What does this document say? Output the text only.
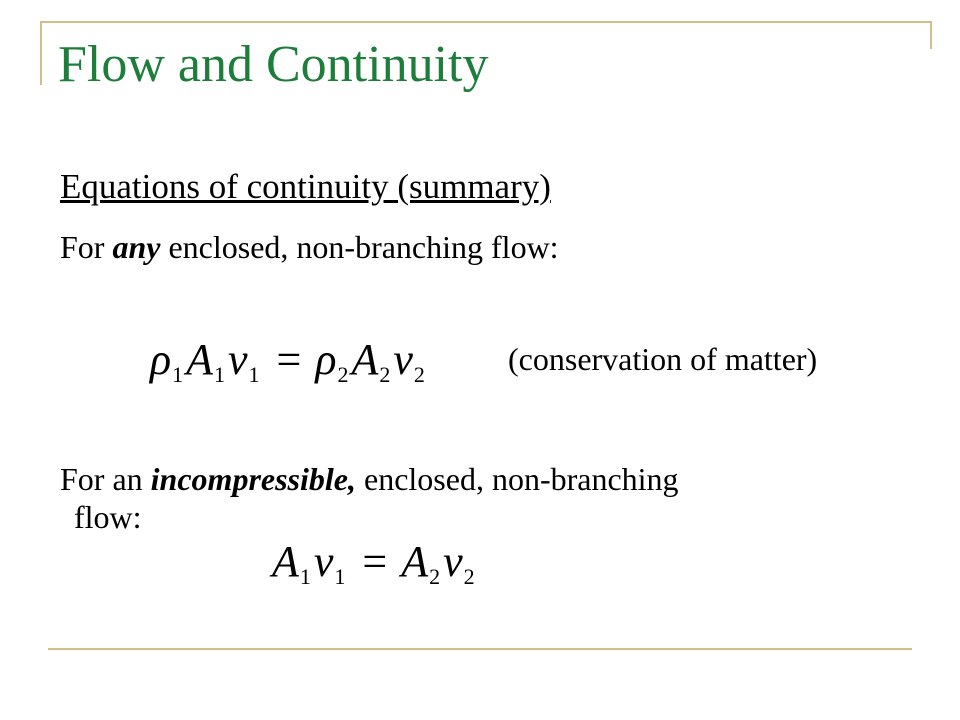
Flow and Continuity
Equations of continuity (summary)
For any enclosed, non-branching flow:
$\rho_1A_1v_1 = \rho_2A_2v_2$	(conservation of matter)
For an incompressible, enclosed, non-branching
flow:
$A_1v_1 = A_2v_2$
